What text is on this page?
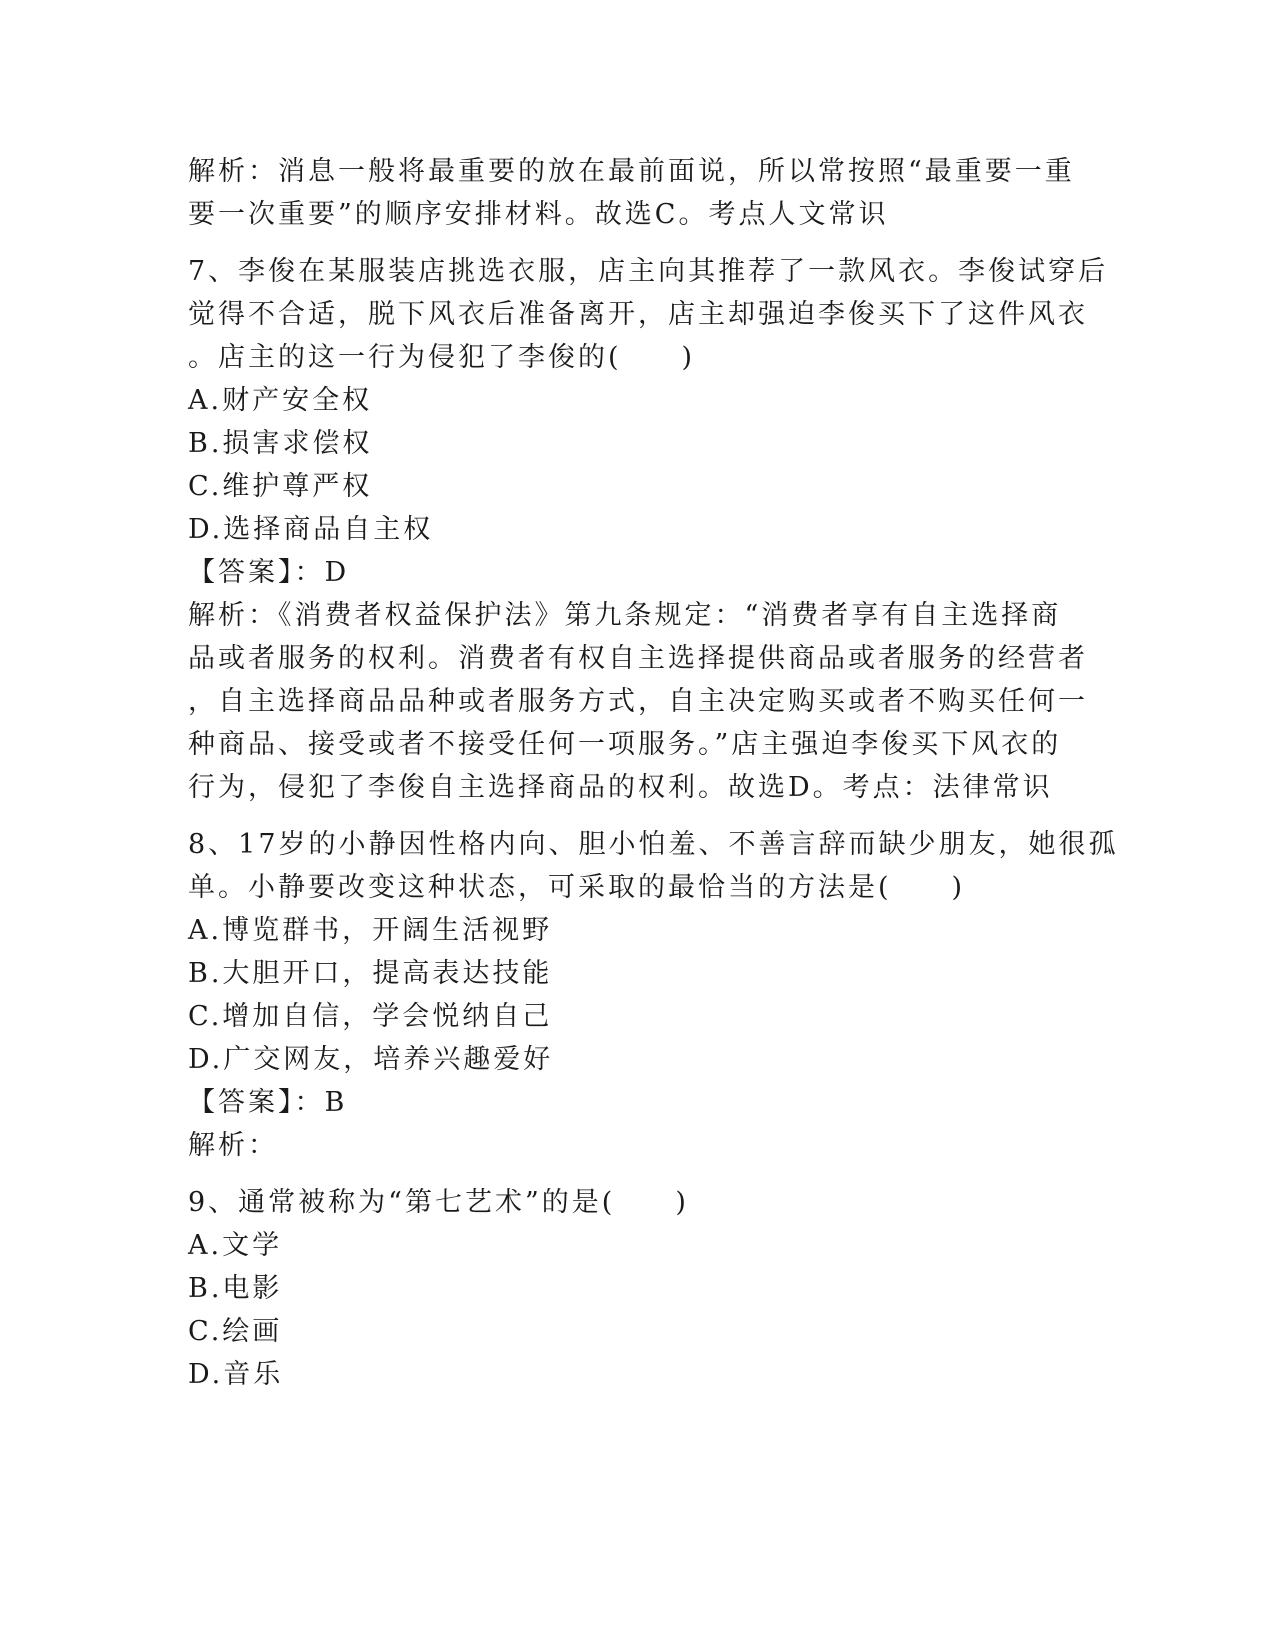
解析：消息一般将最重要的放在最前面说，所以常按照“最重要一重
要一次重要”的顺序安排材料。故选C。考点人文常识
7、李俊在某服装店挑选衣服，店主向其推荐了一款风衣。李俊试穿后
觉得不合适，脱下风衣后准备离开，店主却强迫李俊买下了这件风衣
。店主的这一行为侵犯了李俊的(　　)
A.财产安全权
B.损害求偿权
C.维护尊严权
D.选择商品自主权
【答案】：D
解析：《消费者权益保护法》第九条规定：“消费者享有自主选择商
品或者服务的权利。消费者有权自主选择提供商品或者服务的经营者
，自主选择商品品种或者服务方式，自主决定购买或者不购买任何一
种商品、接受或者不接受任何一项服务。”店主强迫李俊买下风衣的
行为，侵犯了李俊自主选择商品的权利。故选D。考点：法律常识
8、17岁的小静因性格内向、胆小怕羞、不善言辞而缺少朋友，她很孤
单。小静要改变这种状态，可采取的最恰当的方法是(　　)
A.博览群书，开阔生活视野
B.大胆开口，提高表达技能
C.增加自信，学会悦纳自己
D.广交网友，培养兴趣爱好
【答案】：B
解析：
9、通常被称为“第七艺术”的是(　　)
A.文学
B.电影
C.绘画
D.音乐
